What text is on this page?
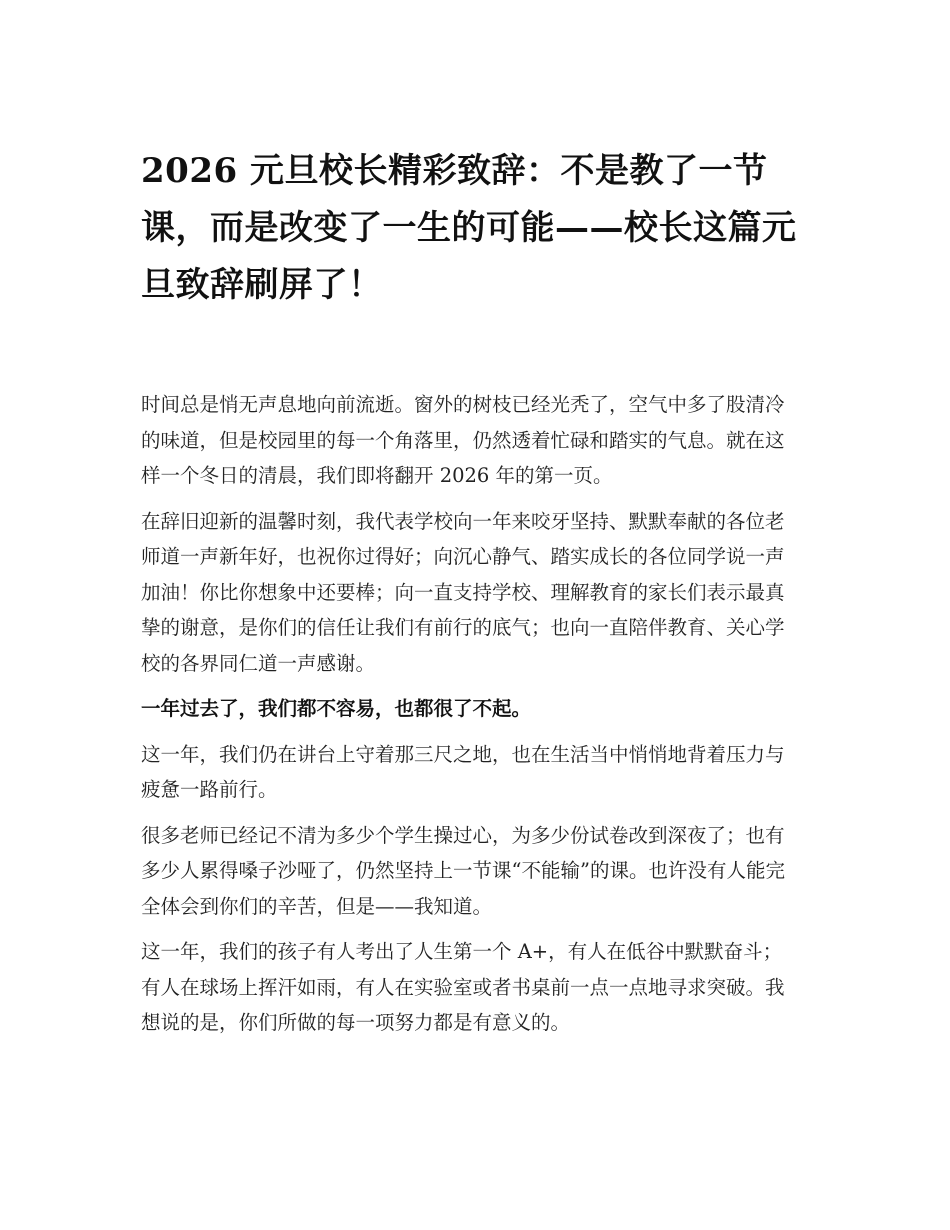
2026 元旦校长精彩致辞：不是教了一节课，而是改变了一生的可能——校长这篇元旦致辞刷屏了！

时间总是悄无声息地向前流逝。窗外的树枝已经光秃了，空气中多了股清冷的味道，但是校园里的每一个角落里，仍然透着忙碌和踏实的气息。就在这样一个冬日的清晨，我们即将翻开 2026 年的第一页。

在辞旧迎新的温馨时刻，我代表学校向一年来咬牙坚持、默默奉献的各位老师道一声新年好，也祝你过得好；向沉心静气、踏实成长的各位同学说一声加油！你比你想象中还要棒；向一直支持学校、理解教育的家长们表示最真挚的谢意，是你们的信任让我们有前行的底气；也向一直陪伴教育、关心学校的各界同仁道一声感谢。

一年过去了，我们都不容易，也都很了不起。

这一年，我们仍在讲台上守着那三尺之地，也在生活当中悄悄地背着压力与疲惫一路前行。

很多老师已经记不清为多少个学生操过心，为多少份试卷改到深夜了；也有多少人累得嗓子沙哑了，仍然坚持上一节课“不能输”的课。也许没有人能完全体会到你们的辛苦，但是——我知道。

这一年，我们的孩子有人考出了人生第一个 A+，有人在低谷中默默奋斗；有人在球场上挥汗如雨，有人在实验室或者书桌前一点一点地寻求突破。我想说的是，你们所做的每一项努力都是有意义的。
